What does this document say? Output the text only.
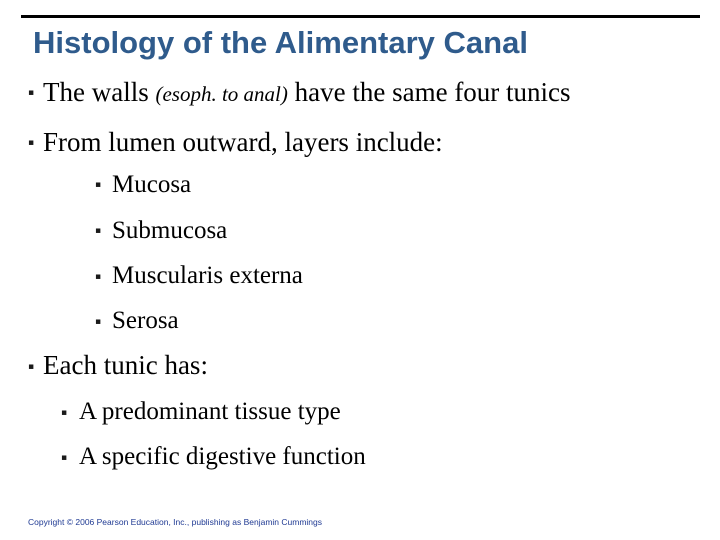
Histology of the Alimentary Canal
▪ The walls (esoph. to anal) have the same four tunics
▪ From lumen outward, layers include:
▪ Mucosa
▪ Submucosa
▪ Muscularis externa
▪ Serosa
▪ Each tunic has:
▪ A predominant tissue type
▪ A specific digestive function
Copyright © 2006 Pearson Education, Inc., publishing as Benjamin Cummings
